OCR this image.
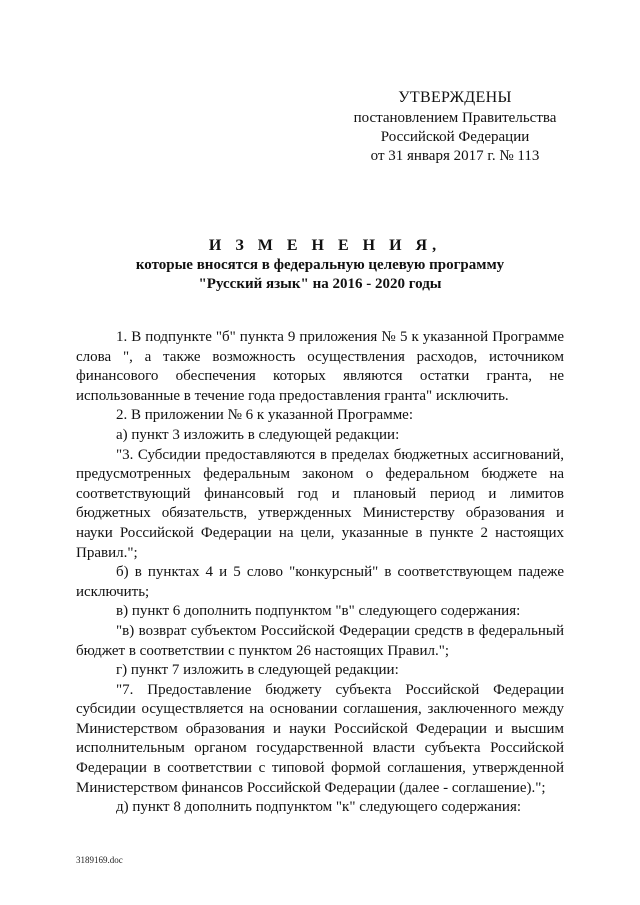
УТВЕРЖДЕНЫ
постановлением Правительства
Российской Федерации
от 31 января 2017 г. № 113
И З М Е Н Е Н И Я,
которые вносятся в федеральную целевую программу
"Русский язык" на 2016 - 2020 годы

1. В подпункте "б" пункта 9 приложения № 5 к указанной Программе слова ", а также возможность осуществления расходов, источником финансового обеспечения которых являются остатки гранта, не использованные в течение года предоставления гранта" исключить.

2. В приложении № 6 к указанной Программе:

а) пункт 3 изложить в следующей редакции:

"3. Субсидии предоставляются в пределах бюджетных ассигнований, предусмотренных федеральным законом о федеральном бюджете на соответствующий финансовый год и плановый период и лимитов бюджетных обязательств, утвержденных Министерству образования и науки Российской Федерации на цели, указанные в пункте 2 настоящих Правил.";

б) в пунктах 4 и 5 слово "конкурсный" в соответствующем падеже исключить;

в) пункт 6 дополнить подпунктом "в" следующего содержания:

"в) возврат субъектом Российской Федерации средств в федеральный бюджет в соответствии с пунктом 26 настоящих Правил.";

г) пункт 7 изложить в следующей редакции:

"7. Предоставление бюджету субъекта Российской Федерации субсидии осуществляется на основании соглашения, заключенного между Министерством образования и науки Российской Федерации и высшим исполнительным органом государственной власти субъекта Российской Федерации в соответствии с типовой формой соглашения, утвержденной Министерством финансов Российской Федерации (далее - соглашение).";

д) пункт 8 дополнить подпунктом "к" следующего содержания:

3189169.doc
